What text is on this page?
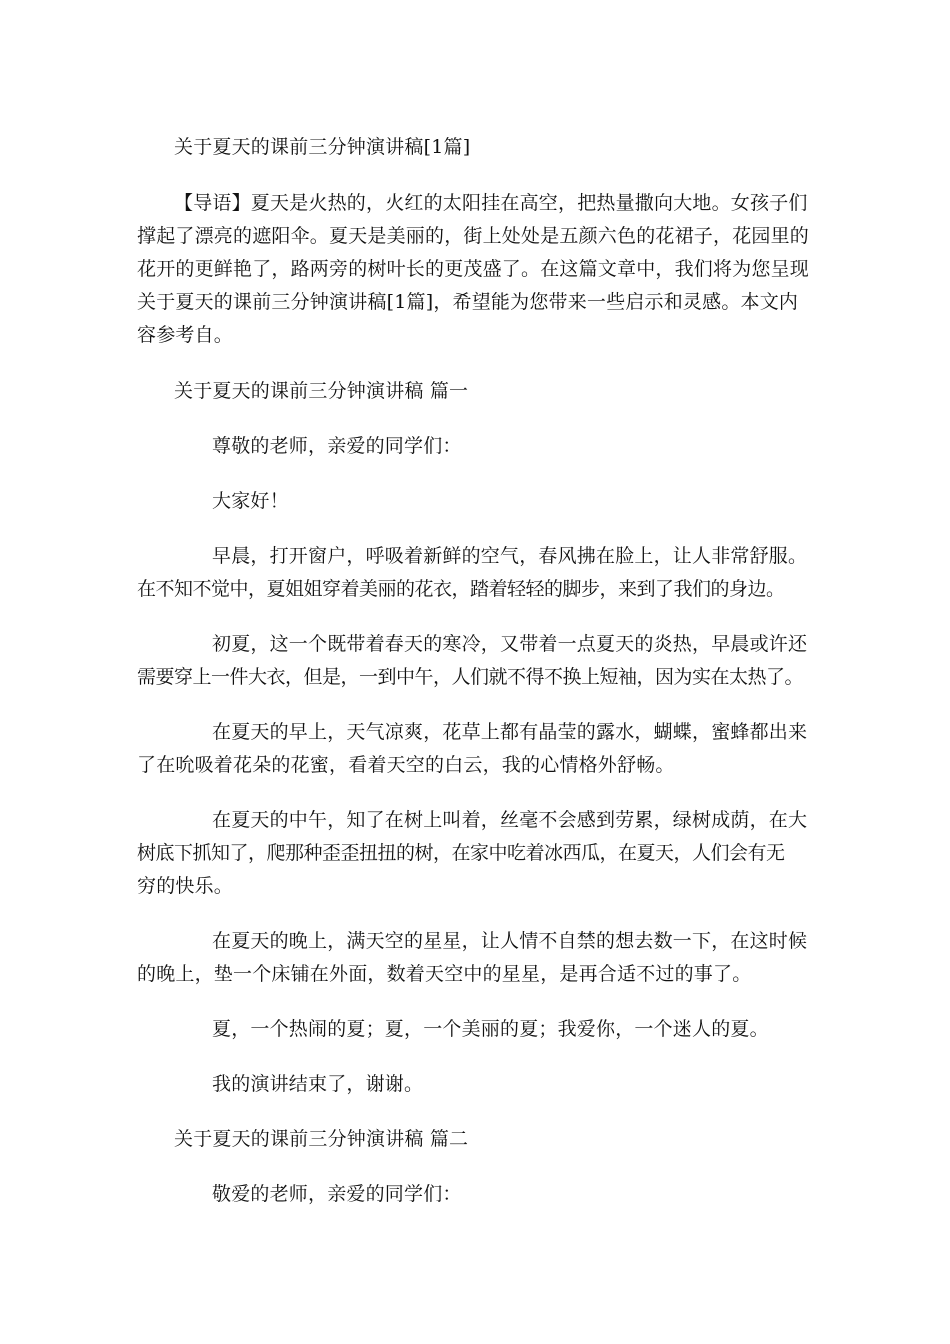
关于夏天的课前三分钟演讲稿[1篇]
【导语】夏天是火热的，火红的太阳挂在高空，把热量撒向大地。女孩子们
撑起了漂亮的遮阳伞。夏天是美丽的，街上处处是五颜六色的花裙子，花园里的
花开的更鲜艳了，路两旁的树叶长的更茂盛了。在这篇文章中，我们将为您呈现
关于夏天的课前三分钟演讲稿[1篇]，希望能为您带来一些启示和灵感。本文内
容参考自。
关于夏天的课前三分钟演讲稿 篇一
尊敬的老师，亲爱的同学们：
大家好！
早晨，打开窗户，呼吸着新鲜的空气，春风拂在脸上，让人非常舒服。
在不知不觉中，夏姐姐穿着美丽的花衣，踏着轻轻的脚步，来到了我们的身边。
初夏，这一个既带着春天的寒冷，又带着一点夏天的炎热，早晨或许还
需要穿上一件大衣，但是，一到中午，人们就不得不换上短袖，因为实在太热了。
在夏天的早上，天气凉爽，花草上都有晶莹的露水，蝴蝶，蜜蜂都出来
了在吮吸着花朵的花蜜，看着天空的白云，我的心情格外舒畅。
在夏天的中午，知了在树上叫着，丝毫不会感到劳累，绿树成荫，在大
树底下抓知了，爬那种歪歪扭扭的树，在家中吃着冰西瓜，在夏天，人们会有无
穷的快乐。
在夏天的晚上，满天空的星星，让人情不自禁的想去数一下，在这时候
的晚上，垫一个床铺在外面，数着天空中的星星，是再合适不过的事了。
夏，一个热闹的夏；夏，一个美丽的夏；我爱你，一个迷人的夏。
我的演讲结束了，谢谢。
关于夏天的课前三分钟演讲稿 篇二
敬爱的老师，亲爱的同学们：
